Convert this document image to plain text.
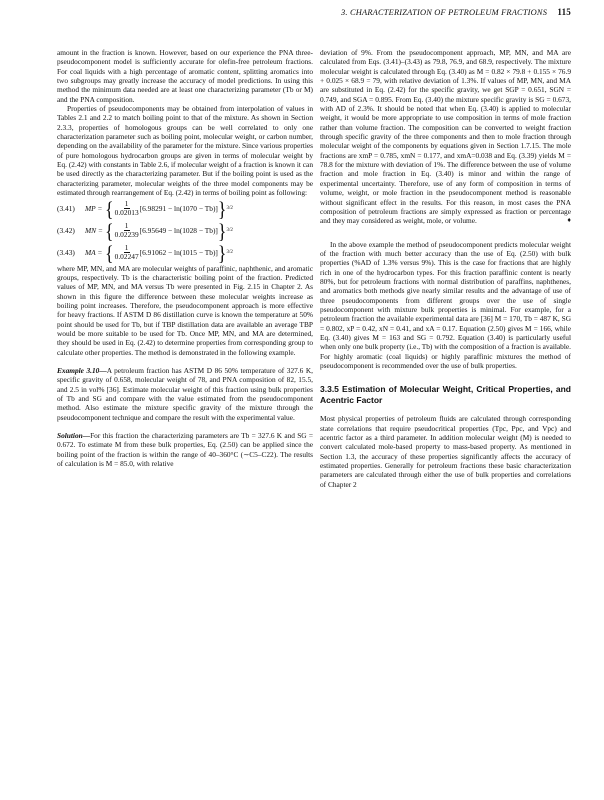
3. CHARACTERIZATION OF PETROLEUM FRACTIONS 115

amount in the fraction is known. However, based on our experience the PNA three-pseudocomponent model is sufficiently accurate for olefin-free petroleum fractions. For coal liquids with a high percentage of aromatic content, splitting aromatics into two subgroups may greatly increase the accuracy of model predictions. In using this method the minimum data needed are at least one characterizing parameter (Tb or M) and the PNA composition.

Properties of pseudocomponents may be obtained from interpolation of values in Tables 2.1 and 2.2 to match boiling point to that of the mixture. As shown in Section 2.3.3, properties of homologous groups can be well correlated to only one characterization parameter such as boiling point, molecular weight, or carbon number, depending on the availability of the parameter for the mixture. Since various properties of pure homologous hydrocarbon groups are given in terms of molecular weight by Eq. (2.42) with constants in Table 2.6, if molecular weight of a fraction is known it can be used directly as the characterizing parameter. But if the boiling point is used as the characterizing parameter, molecular weights of the three model components may be estimated through rearrangement of Eq. (2.42) in terms of boiling point as following:

(3.41)	MP = { $\frac{1}{0.02013} [6.98291 - \ln(1070 - Tb)]$ } 3/2
(3.42)	MN = { $\frac{1}{0.02239} [6.95649 - \ln(1028 - Tb)]$ } 3/2
(3.43)	MA = { $\frac{1}{0.02247} [6.91062 - \ln(1015 - Tb)]$ } 3/2

where MP, MN, and MA are molecular weights of paraffinic, naphthenic, and aromatic groups, respectively. Tb is the characteristic boiling point of the fraction. Predicted values of MP, MN, and MA versus Tb were presented in Fig. 2.15 in Chapter 2. As shown in this figure the difference between these molecular weights increase as boiling point increases. Therefore, the pseudocomponent approach is more effective for heavy fractions. If ASTM D 86 distillation curve is known the temperature at 50% point should be used for Tb, but if TBP distillation data are available an average TBP would be more suitable to be used for Tb. Once MP, MN, and MA are determined, they should be used in Eq. (2.42) to determine properties from corresponding group to calculate other properties. The method is demonstrated in the following example.

Example 3.10—A petroleum fraction has ASTM D 86 50% temperature of 327.6 K, specific gravity of 0.658, molecular weight of 78, and PNA composition of 82, 15.5, and 2.5 in vol% [36]. Estimate molecular weight of this fraction using bulk properties of Tb and SG and compare with the value estimated from the pseudocomponent method. Also estimate the mixture specific gravity of the mixture through the pseudocomponent technique and compare the result with the experimental value.

Solution—For this fraction the characterizing parameters are Tb = 327.6 K and SG = 0.672. To estimate M from these bulk properties, Eq. (2.50) can be applied since the boiling point of the fraction is within the range of 40–360°C (∼C5–C22). The results of calculation is M = 85.0, with relative

deviation of 9%. From the pseudocomponent approach, MP, MN, and MA are calculated from Eqs. (3.41)–(3.43) as 79.8, 76.9, and 68.9, respectively. The mixture molecular weight is calculated through Eq. (3.40) as M = 0.82 × 79.8 + 0.155 × 76.9 + 0.025 × 68.9 = 79, with relative deviation of 1.3%. If values of MP, MN, and MA are substituted in Eq. (2.42) for the specific gravity, we get SGP = 0.651, SGN = 0.749, and SGA = 0.895. From Eq. (3.40) the mixture specific gravity is SG = 0.673, with AD of 2.3%. It should be noted that when Eq. (3.40) is applied to molecular weight, it would be more appropriate to use composition in terms of mole fraction rather than volume fraction. The composition can be converted to weight fraction through specific gravity of the three components and then to mole fraction through molecular weight of the components by equations given in Section 1.7.15. The mole fractions are xmP = 0.785, xmN = 0.177, and xmA=0.038 and Eq. (3.39) yields M = 78.8 for the mixture with deviation of 1%. The difference between the use of volume fraction and mole fraction in Eq. (3.40) is minor and within the range of experimental uncertainty. Therefore, use of any form of composition in terms of volume, weight, or mole fraction in the pseudocomponent method is reasonable without significant effect in the results. For this reason, in most cases the PNA composition of petroleum fractions are simply expressed as fraction or percentage and they may considered as weight, mole, or volume.	♦

In the above example the method of pseudocomponent predicts molecular weight of the fraction with much better accuracy than the use of Eq. (2.50) with bulk properties (%AD of 1.3% versus 9%). This is the case for fractions that are highly rich in one of the hydrocarbon types. For this fraction paraffinic content is nearly 80%, but for petroleum fractions with normal distribution of paraffins, naphthenes, and aromatics both methods give nearly similar results and the advantage of use of three pseudocomponents from different groups over the use of single pseudocomponent with mixture bulk properties is minimal. For example, for a petroleum fraction the available experimental data are [36] M = 170, Tb = 487 K, SG = 0.802, xP = 0.42, xN = 0.41, and xA = 0.17. Equation (2.50) gives M = 166, while Eq. (3.40) gives M = 163 and SG = 0.792. Equation (3.40) is particularly useful when only one bulk property (i.e., Tb) with the composition of a fraction is available. For highly aromatic (coal liquids) or highly paraffinic mixtures the method of pseudocomponent is recommended over the use of bulk properties.

3.3.5 Estimation of Molecular Weight, Critical Properties, and Acentric Factor

Most physical properties of petroleum fluids are calculated through corresponding state correlations that require pseudocritical properties (Tpc, Ppc, and Vpc) and acentric factor as a third parameter. In addition molecular weight (M) is needed to convert calculated mole-based property to mass-based property. As mentioned in Section 1.3, the accuracy of these properties significantly affects the accuracy of estimated properties. Generally for petroleum fractions these basic characterization parameters are calculated through either the use of bulk properties and correlations of Chapter 2
